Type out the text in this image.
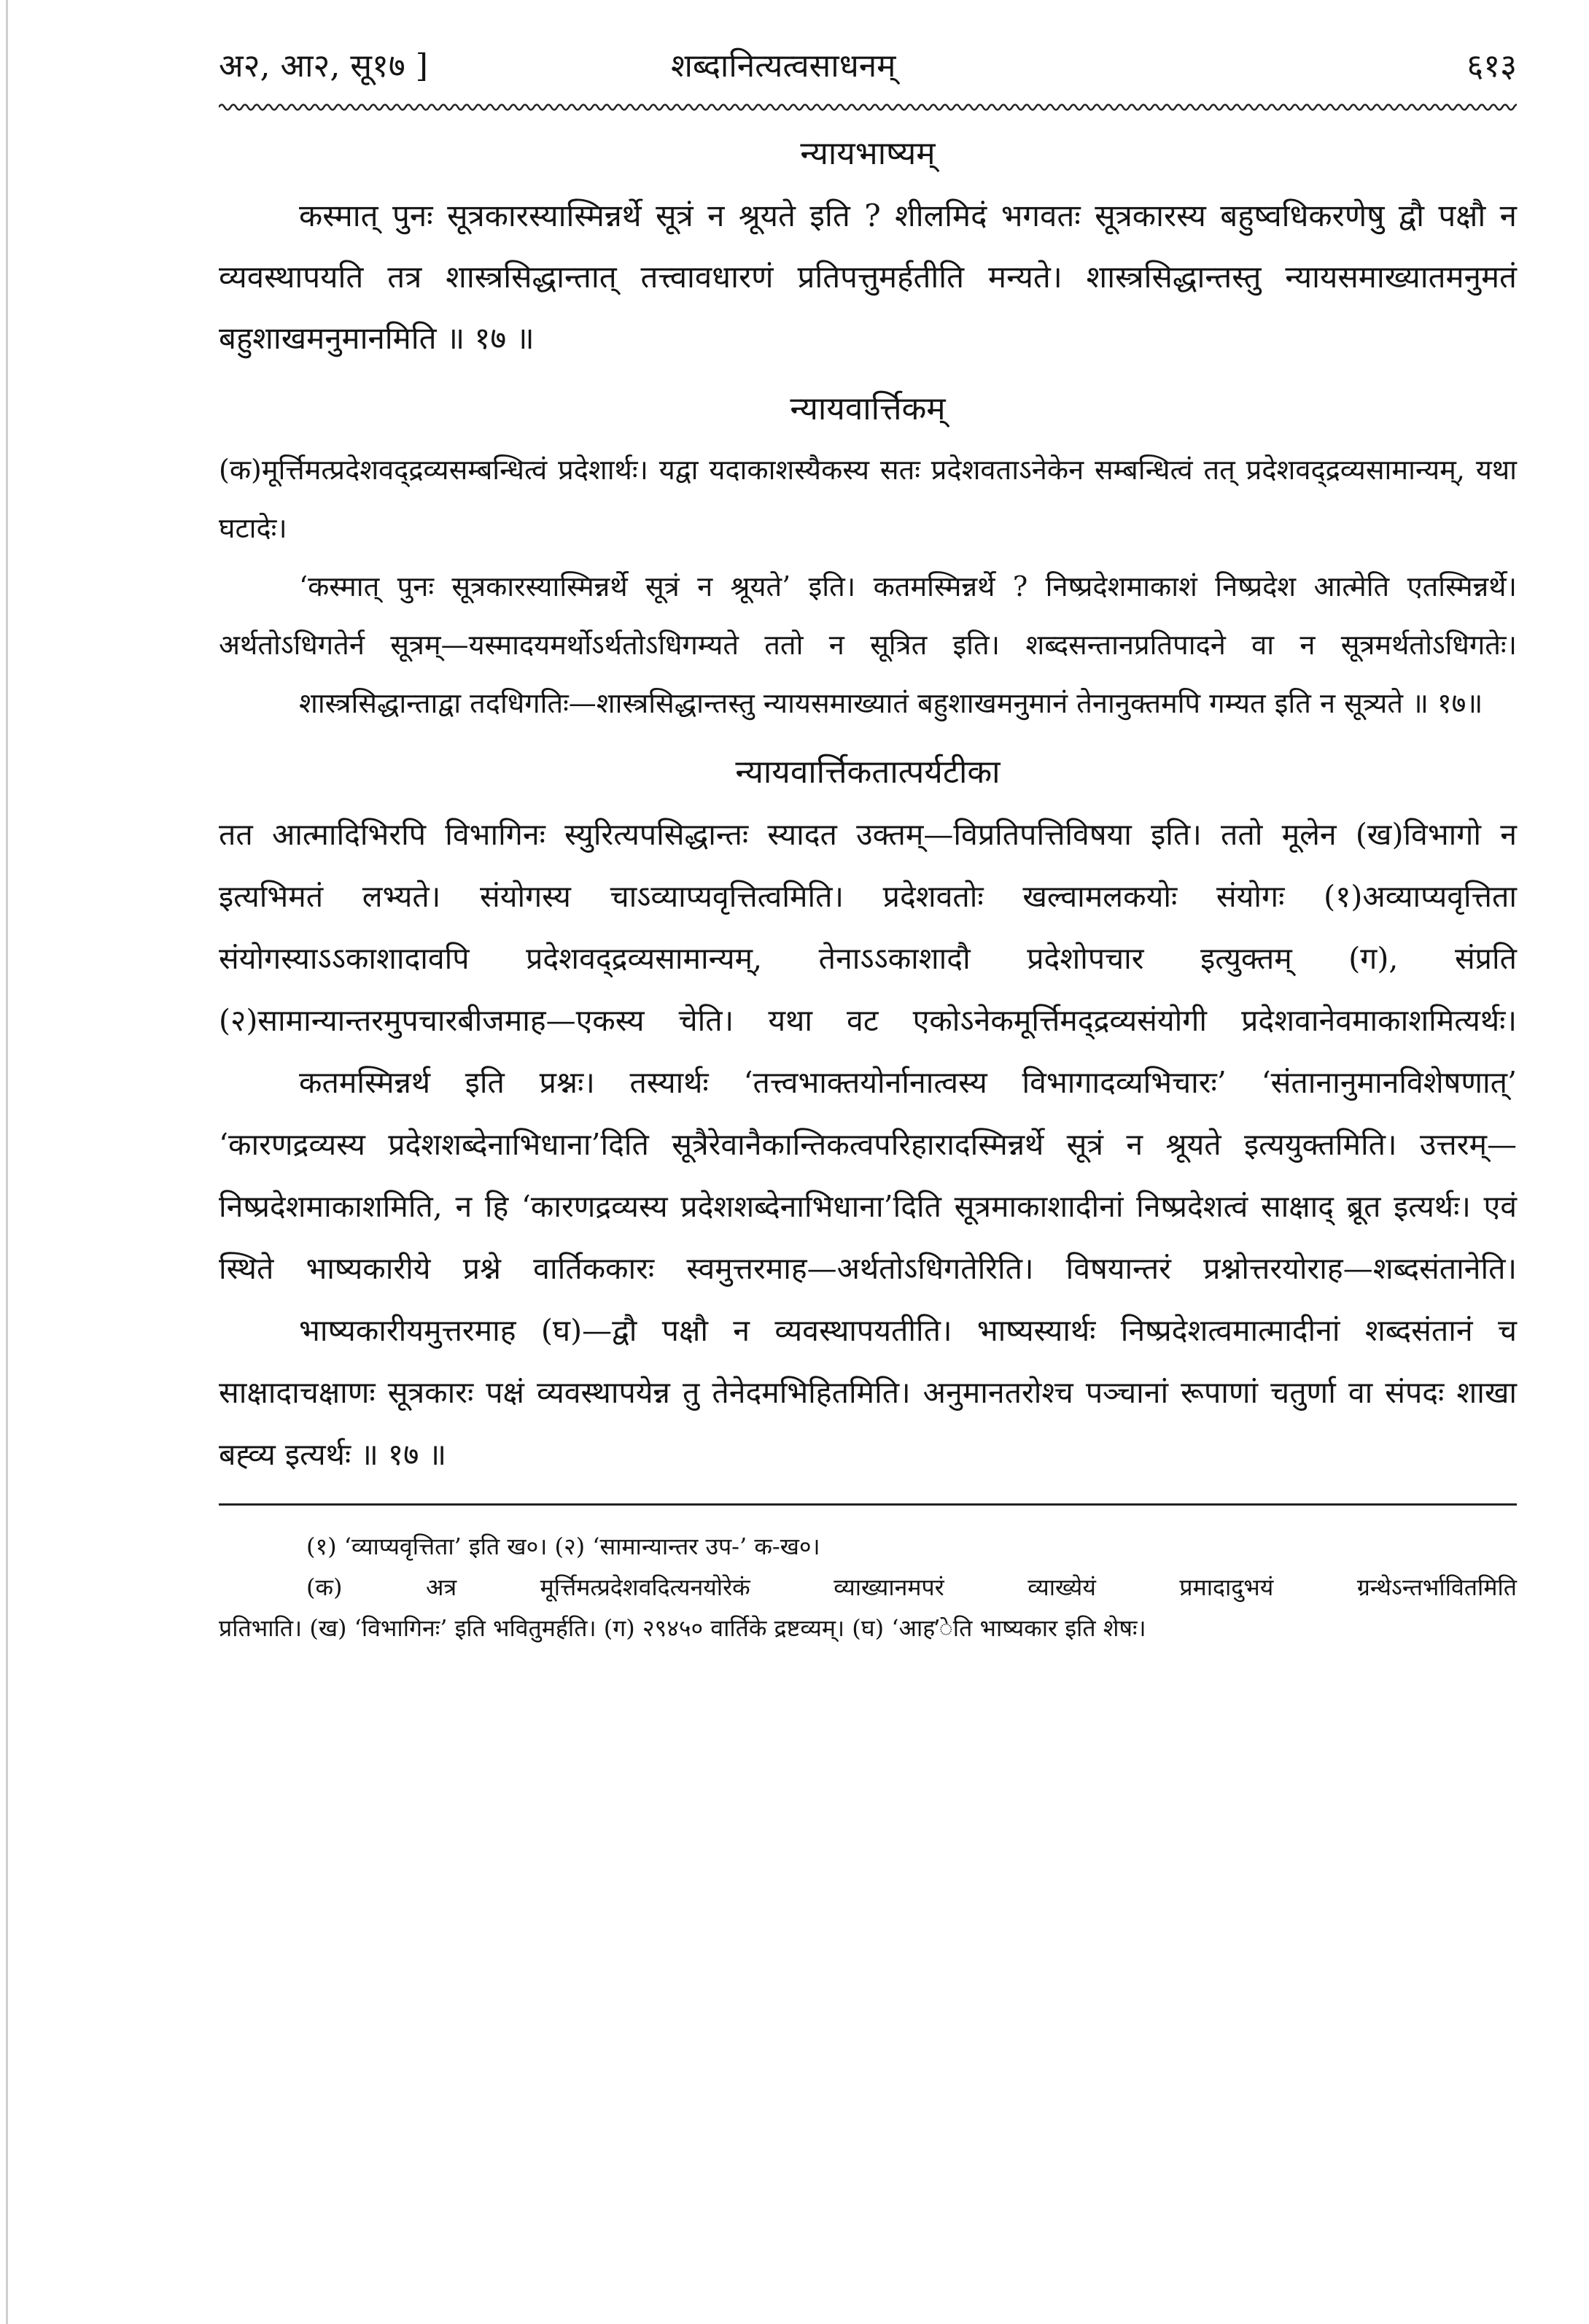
अ२, आ२, सू१७ ]	शब्दानित्यत्वसाधनम्	६१३
न्यायभाष्यम्

कस्मात् पुनः सूत्रकारस्यास्मिन्नर्थे सूत्रं न श्रूयते इति ? शीलमिदं भगवतः सूत्रकारस्य बहुष्वधिकरणेषु द्वौ पक्षौ न व्यवस्थापयति तत्र शास्त्रसिद्धान्तात् तत्त्वावधारणं प्रतिपत्तुमर्हतीति मन्यते। शास्त्रसिद्धान्तस्तु न्यायसमाख्यातमनुमतं बहुशाखमनुमानमिति ॥ १७ ॥

न्यायवार्त्तिकम्

(क)मूर्त्तिमत्प्रदेशवद्द्रव्यसम्बन्धित्वं प्रदेशार्थः। यद्वा यदाकाशस्यैकस्य सतः प्रदेशवताऽनेकेन सम्बन्धित्वं तत् प्रदेशवद्द्रव्यसामान्यम्, यथा घटादेः।

‘कस्मात् पुनः सूत्रकारस्यास्मिन्नर्थे सूत्रं न श्रूयते’ इति। कतमस्मिन्नर्थे ? निष्प्रदेशमाकाशं निष्प्रदेश आत्मेति एतस्मिन्नर्थे। अर्थतोऽधिगतेर्न सूत्रम्—यस्मादयमर्थोऽर्थतोऽधिगम्यते ततो न सूत्रित इति। शब्दसन्तानप्रतिपादने वा न सूत्रमर्थतोऽधिगतेः।

शास्त्रसिद्धान्ताद्वा तदधिगतिः—शास्त्रसिद्धान्तस्तु न्यायसमाख्यातं बहुशाखमनुमानं तेनानुक्तमपि गम्यत इति न सूत्र्यते ॥ १७॥

न्यायवार्त्तिकतात्पर्यटीका

तत आत्मादिभिरपि विभागिनः स्युरित्यपसिद्धान्तः स्यादत उक्तम्—विप्रतिपत्तिविषया इति। ततो मूलेन (ख)विभागो न इत्यभिमतं लभ्यते। संयोगस्य चाऽव्याप्यवृत्तित्वमिति। प्रदेशवतोः खल्वामलकयोः संयोगः (१)अव्याप्यवृत्तिता संयोगस्याऽऽकाशादावपि प्रदेशवद्द्रव्यसामान्यम्, तेनाऽऽकाशादौ प्रदेशोपचार इत्युक्तम् (ग), संप्रति (२)सामान्यान्तरमुपचारबीजमाह—एकस्य चेति। यथा वट एकोऽनेकमूर्त्तिमद्द्रव्यसंयोगी प्रदेशवानेवमाकाशमित्यर्थः।

कतमस्मिन्नर्थ इति प्रश्नः। तस्यार्थः ‘तत्त्वभाक्तयोर्नानात्वस्य विभागादव्यभिचारः’ ‘संतानानुमानविशेषणात्’ ‘कारणद्रव्यस्य प्रदेशशब्देनाभिधाना’दिति सूत्रैरेवानैकान्तिकत्वपरिहारादस्मिन्नर्थे सूत्रं न श्रूयते इत्ययुक्तमिति। उत्तरम्—निष्प्रदेशमाकाशमिति, न हि ‘कारणद्रव्यस्य प्रदेशशब्देनाभिधाना’दिति सूत्रमाकाशादीनां निष्प्रदेशत्वं साक्षाद् ब्रूत इत्यर्थः। एवं स्थिते भाष्यकारीये प्रश्ने वार्तिककारः स्वमुत्तरमाह—अर्थतोऽधिगतेरिति। विषयान्तरं प्रश्नोत्तरयोराह—शब्दसंतानेति।

भाष्यकारीयमुत्तरमाह (घ)—द्वौ पक्षौ न व्यवस्थापयतीति। भाष्यस्यार्थः निष्प्रदेशत्वमात्मादीनां शब्दसंतानं च साक्षादाचक्षाणः सूत्रकारः पक्षं व्यवस्थापयेन्न तु तेनेदमभिहितमिति। अनुमानतरोश्च पञ्चानां रूपाणां चतुर्णा वा संपदः शाखा बह्व्य इत्यर्थः ॥ १७ ॥

(१) ‘व्याप्यवृत्तिता’ इति ख०। (२) ‘सामान्यान्तर उप-’ क-ख०।

(क) अत्र मूर्त्तिमत्प्रदेशवदित्यनयोरेकं व्याख्यानमपरं व्याख्येयं प्रमादादुभयं ग्रन्थेऽन्तर्भावितमिति

प्रतिभाति। (ख) ‘विभागिनः’ इति भवितुमर्हति। (ग) २९४५० वार्तिके द्रष्टव्यम्। (घ) ‘आह’ेति भाष्यकार इति शेषः।
